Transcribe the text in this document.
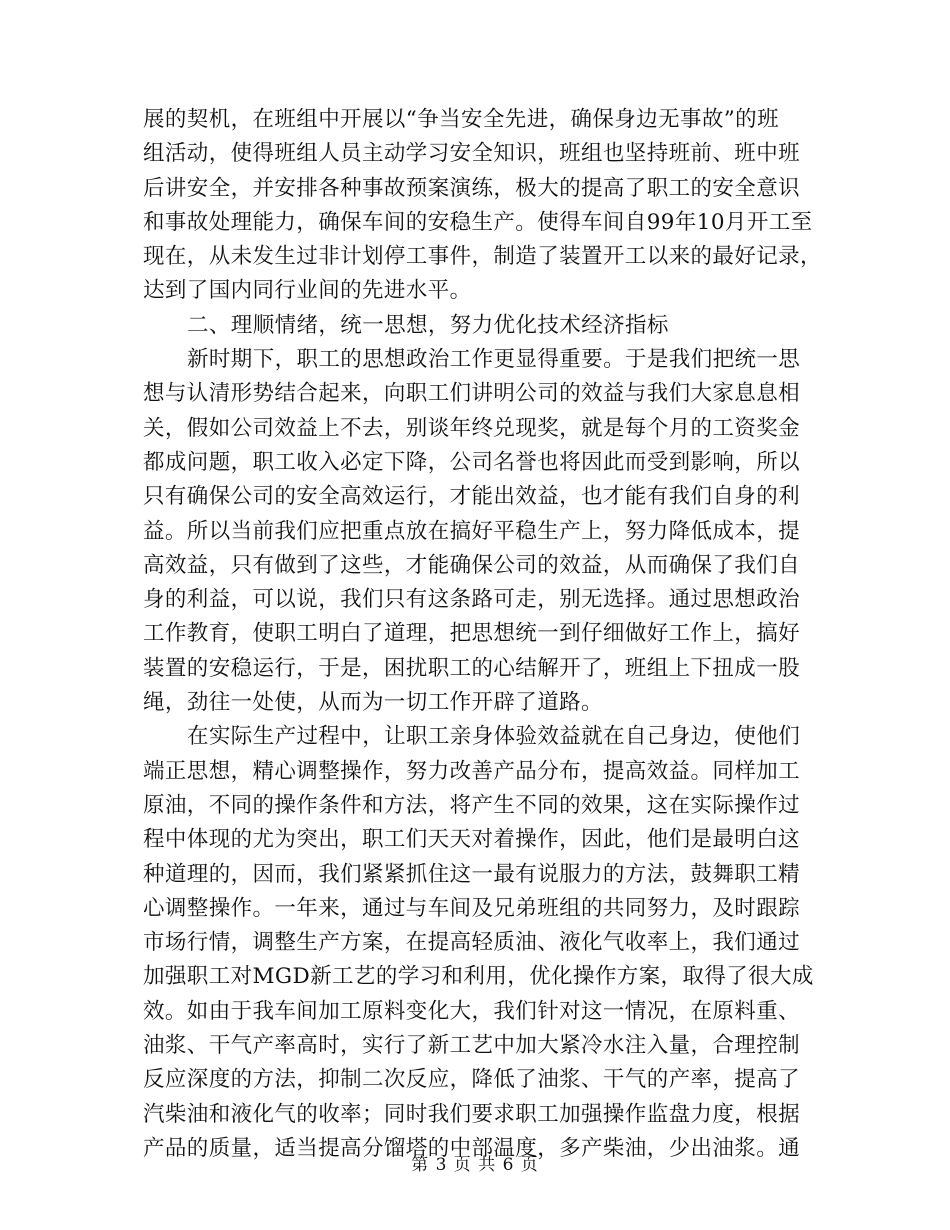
展的契机，在班组中开展以“争当安全先进，确保身边无事故”的班
组活动，使得班组人员主动学习安全知识，班组也坚持班前、班中班
后讲安全，并安排各种事故预案演练，极大的提高了职工的安全意识
和事故处理能力，确保车间的安稳生产。使得车间自99年10月开工至
现在，从未发生过非计划停工事件，制造了装置开工以来的最好记录，
达到了国内同行业间的先进水平。
二、理顺情绪，统一思想，努力优化技术经济指标
新时期下，职工的思想政治工作更显得重要。于是我们把统一思
想与认清形势结合起来，向职工们讲明公司的效益与我们大家息息相
关，假如公司效益上不去，别谈年终兑现奖，就是每个月的工资奖金
都成问题，职工收入必定下降，公司名誉也将因此而受到影响，所以
只有确保公司的安全高效运行，才能出效益，也才能有我们自身的利
益。所以当前我们应把重点放在搞好平稳生产上，努力降低成本，提
高效益，只有做到了这些，才能确保公司的效益，从而确保了我们自
身的利益，可以说，我们只有这条路可走，别无选择。通过思想政治
工作教育，使职工明白了道理，把思想统一到仔细做好工作上，搞好
装置的安稳运行，于是，困扰职工的心结解开了，班组上下扭成一股
绳，劲往一处使，从而为一切工作开辟了道路。
在实际生产过程中，让职工亲身体验效益就在自己身边，使他们
端正思想，精心调整操作，努力改善产品分布，提高效益。同样加工
原油，不同的操作条件和方法，将产生不同的效果，这在实际操作过
程中体现的尤为突出，职工们天天对着操作，因此，他们是最明白这
种道理的，因而，我们紧紧抓住这一最有说服力的方法，鼓舞职工精
心调整操作。一年来，通过与车间及兄弟班组的共同努力，及时跟踪
市场行情，调整生产方案，在提高轻质油、液化气收率上，我们通过
加强职工对MGD新工艺的学习和利用，优化操作方案，取得了很大成
效。如由于我车间加工原料变化大，我们针对这一情况，在原料重、
油浆、干气产率高时，实行了新工艺中加大紧冷水注入量，合理控制
反应深度的方法，抑制二次反应，降低了油浆、干气的产率，提高了
汽柴油和液化气的收率；同时我们要求职工加强操作监盘力度，根据
产品的质量，适当提高分馏塔的中部温度，多产柴油，少出油浆。通
第 3 页 共 6 页
